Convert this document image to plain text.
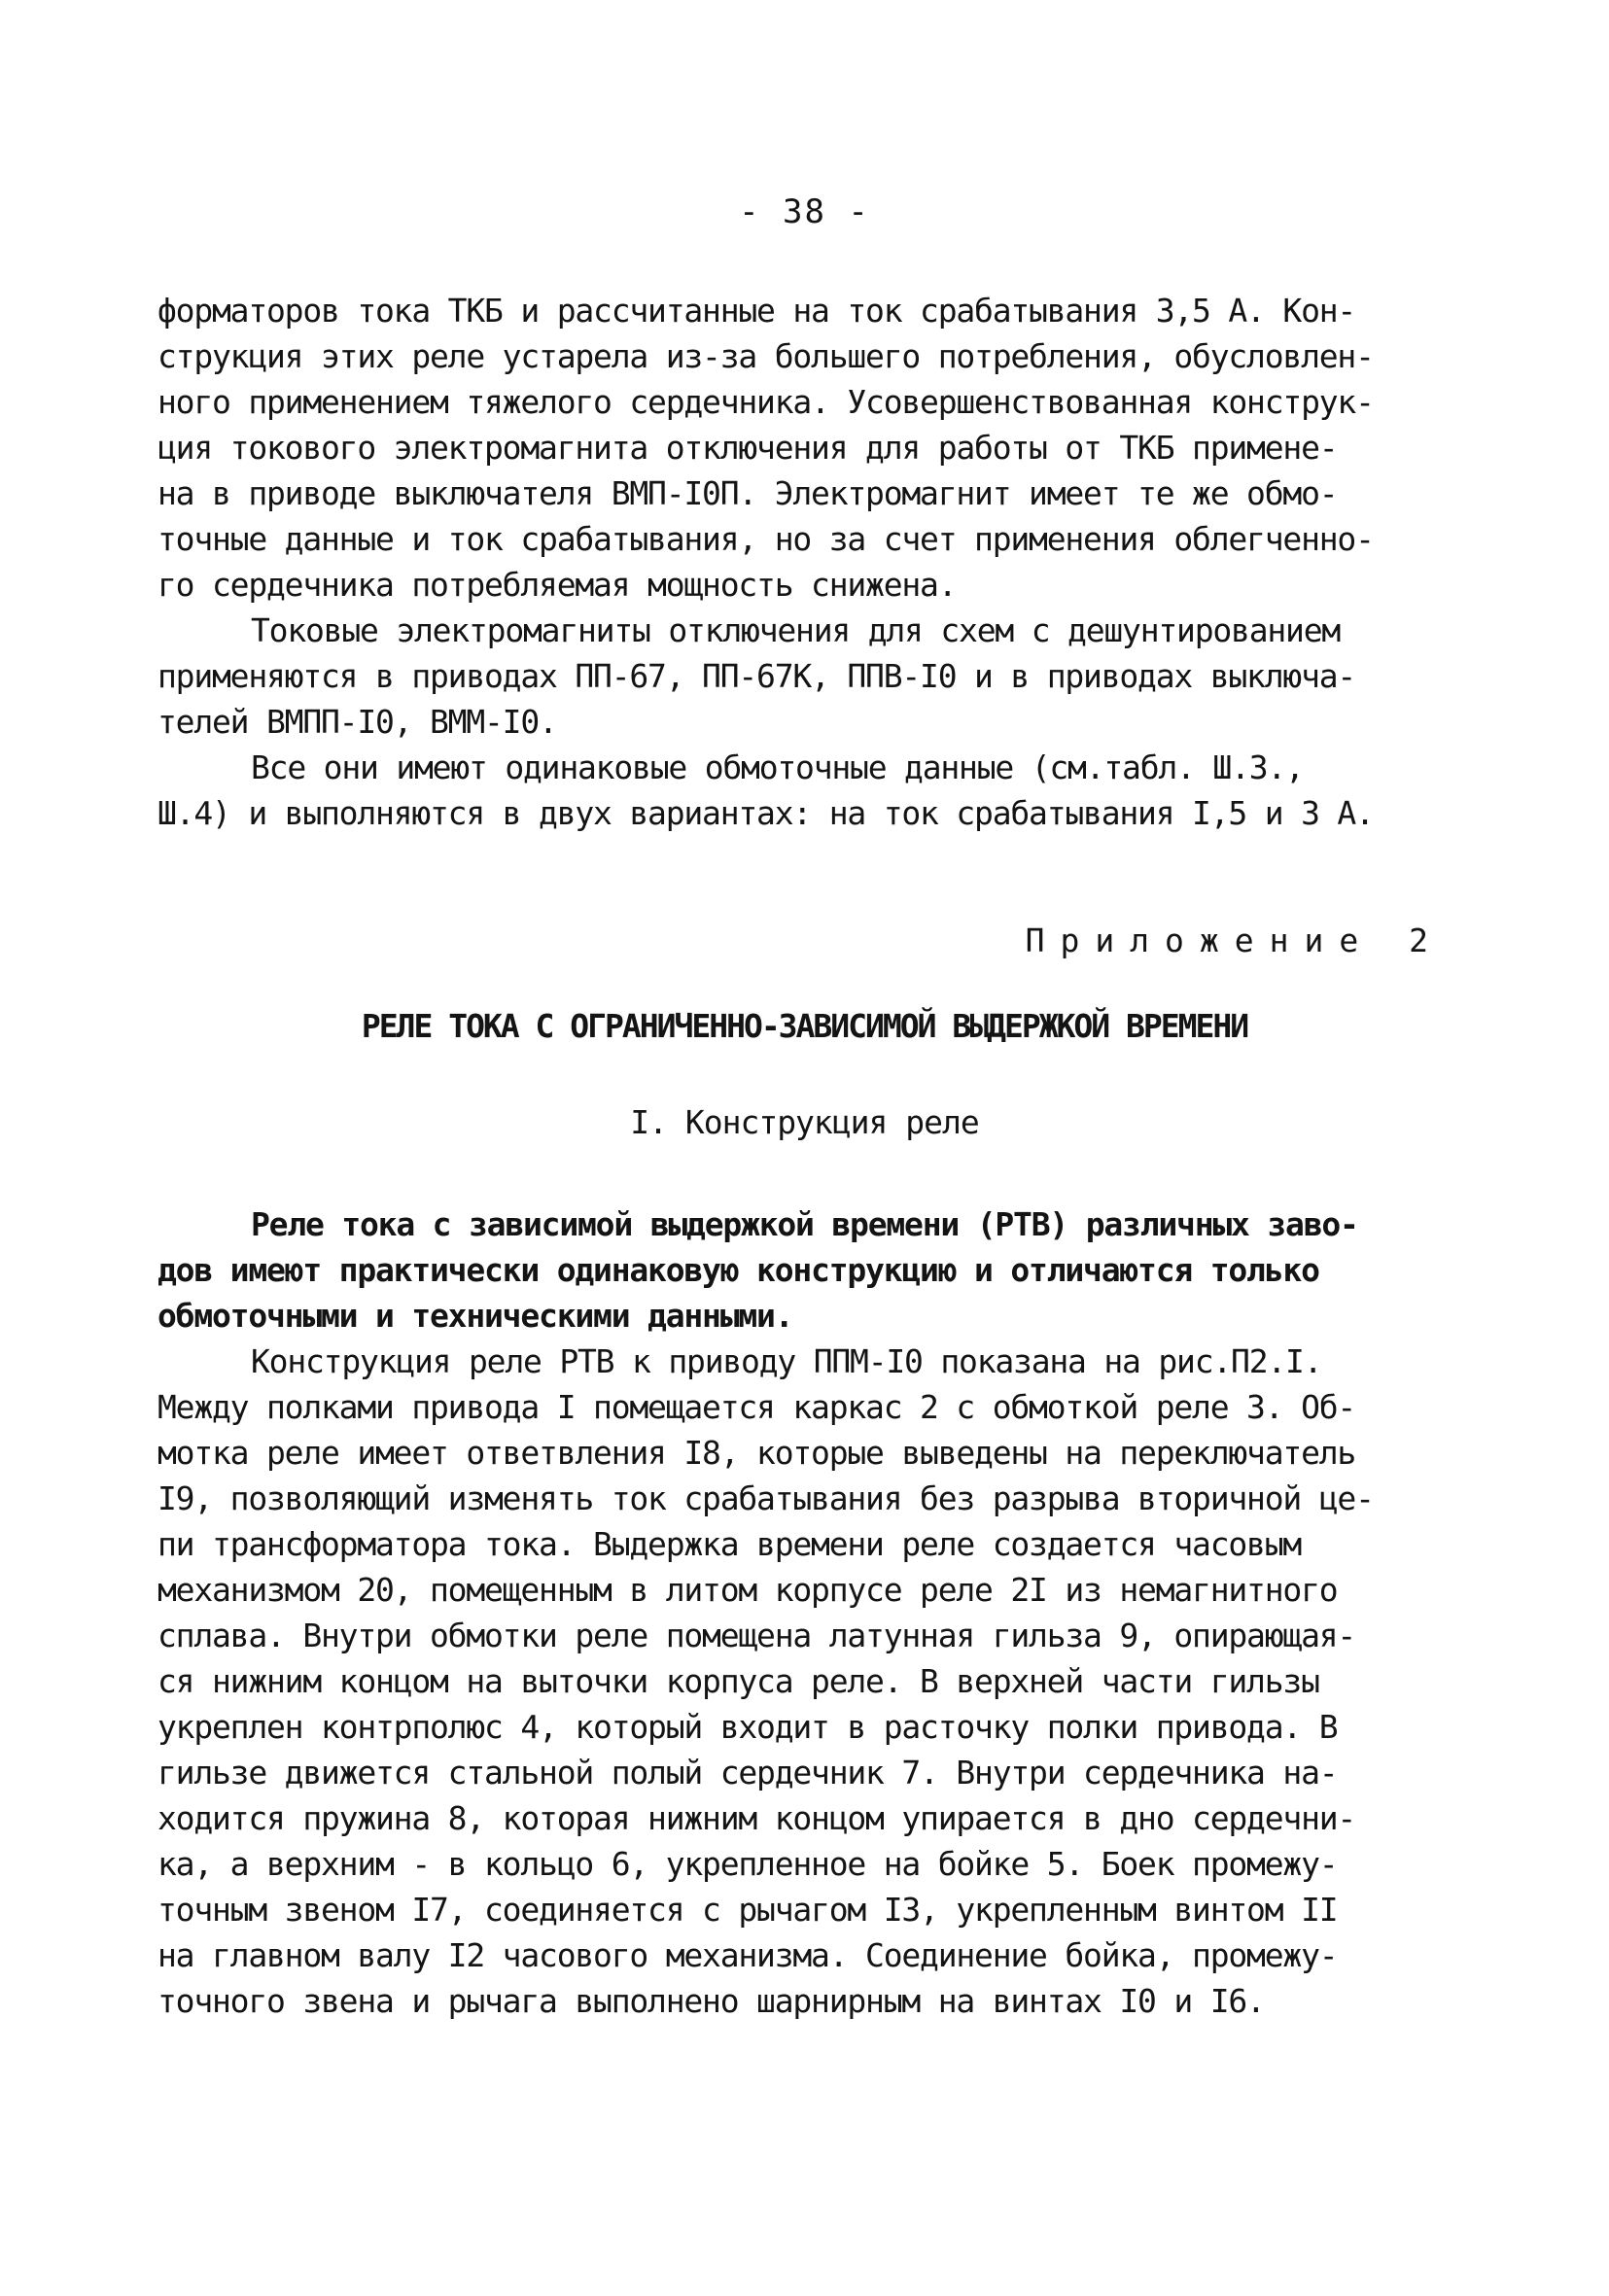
- 38 -
форматоров тока ТКБ и рассчитанные на ток срабатывания 3,5 А. Кон-
струкция этих реле устарела из-за большего потребления, обусловлен-
ного применением тяжелого сердечника. Усовершенствованная конструк-
ция токового электромагнита отключения для работы от ТКБ примене-
на в приводе выключателя ВМП-I0П. Электромагнит имеет те же обмо-
точные данные и ток срабатывания, но за счет применения облегченно-
го сердечника потребляемая мощность снижена.
Токовые электромагниты отключения для схем с дешунтированием
применяются в приводах ПП-67, ПП-67К, ППВ-I0 и в приводах выключа-
телей ВМПП-I0, ВММ-I0.
Все они имеют одинаковые обмоточные данные (см.табл. Ш.3.,
Ш.4) и выполняются в двух вариантах: на ток срабатывания I,5 и 3 А.
Приложение 2
РЕЛЕ ТОКА С ОГРАНИЧЕННО-ЗАВИСИМОЙ ВЫДЕРЖКОЙ ВРЕМЕНИ
I. Конструкция реле
Реле тока с зависимой выдержкой времени (РТВ) различных заво-
дов имеют практически одинаковую конструкцию и отличаются только
обмоточными и техническими данными.
Конструкция реле РТВ к приводу ППМ-I0 показана на рис.П2.I.
Между полками привода I помещается каркас 2 с обмоткой реле 3. Об-
мотка реле имеет ответвления I8, которые выведены на переключатель
I9, позволяющий изменять ток срабатывания без разрыва вторичной це-
пи трансформатора тока. Выдержка времени реле создается часовым
механизмом 20, помещенным в литом корпусе реле 2I из немагнитного
сплава. Внутри обмотки реле помещена латунная гильза 9, опирающая-
ся нижним концом на выточки корпуса реле. В верхней части гильзы
укреплен контрполюс 4, который входит в расточку полки привода. В
гильзе движется стальной полый сердечник 7. Внутри сердечника на-
ходится пружина 8, которая нижним концом упирается в дно сердечни-
ка, а верхним - в кольцо 6, укрепленное на бойке 5. Боек промежу-
точным звеном I7, соединяется с рычагом I3, укрепленным винтом II
на главном валу I2 часового механизма. Соединение бойка, промежу-
точного звена и рычага выполнено шарнирным на винтах I0 и I6.
